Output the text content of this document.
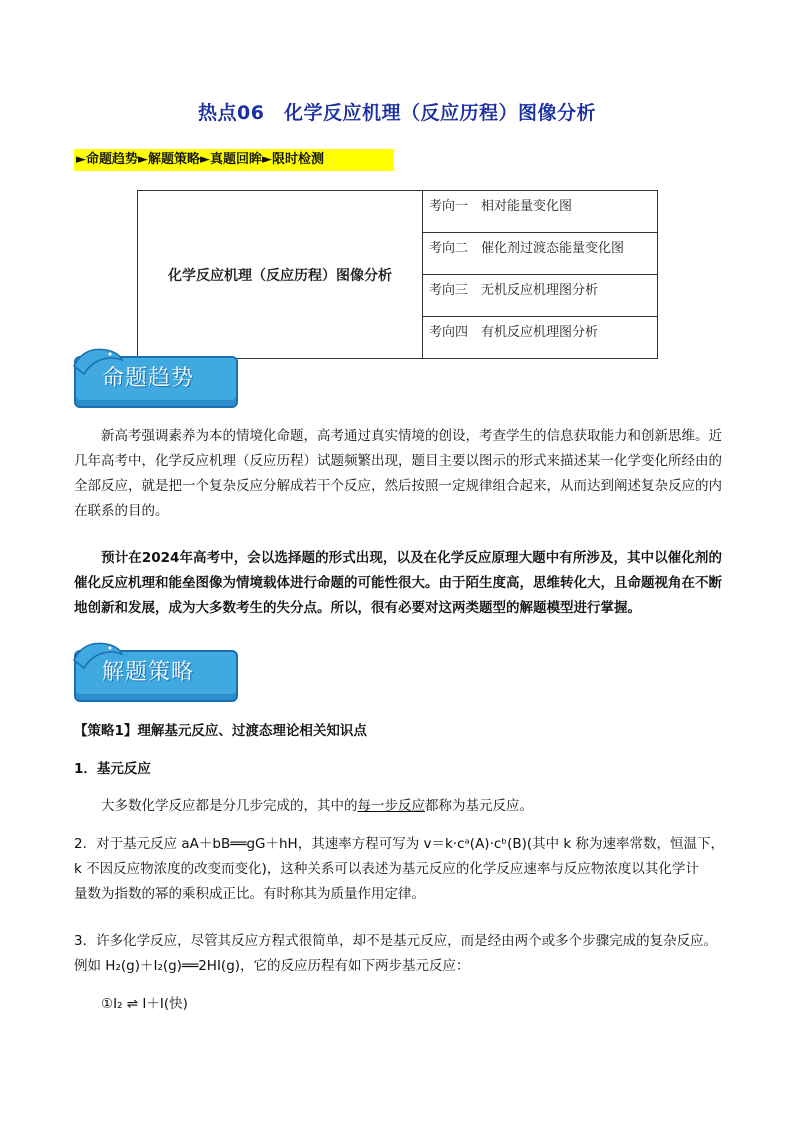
热点06　化学反应机理（反应历程）图像分析
►命题趋势►解题策略►真题回眸►限时检测
化学反应机理（反应历程）图像分析	考向一　相对能量变化图
考向二　催化剂过渡态能量变化图
考向三　无机反应机理图分析
考向四　有机反应机理图分析
命题趋势
　　新高考强调素养为本的情境化命题，高考通过真实情境的创设，考查学生的信息获取能力和创新思维。近几年高考中，化学反应机理（反应历程）试题频繁出现，题目主要以图示的形式来描述某一化学变化所经由的全部反应，就是把一个复杂反应分解成若干个反应，然后按照一定规律组合起来，从而达到阐述复杂反应的内在联系的目的。
　　预计在2024年高考中，会以选择题的形式出现，以及在化学反应原理大题中有所涉及，其中以催化剂的催化反应机理和能垒图像为情境载体进行命题的可能性很大。由于陌生度高，思维转化大，且命题视角在不断地创新和发展，成为大多数考生的失分点。所以，很有必要对这两类题型的解题模型进行掌握。
解题策略
【策略1】理解基元反应、过渡态理论相关知识点
1．基元反应
大多数化学反应都是分几步完成的，其中的每一步反应都称为基元反应。
2．对于基元反应 aA＋bB══gG＋hH，其速率方程可写为 v＝k·cᵃ(A)·cᵇ(B)(其中 k 称为速率常数，恒温下，
k 不因反应物浓度的改变而变化)，这种关系可以表述为基元反应的化学反应速率与反应物浓度以其化学计
量数为指数的幂的乘积成正比。有时称其为质量作用定律。
3．许多化学反应，尽管其反应方程式很简单，却不是基元反应，而是经由两个或多个步骤完成的复杂反应。
例如 H₂(g)＋I₂(g)══2HI(g)，它的反应历程有如下两步基元反应：
①I₂ ⇌ I＋I(快)
